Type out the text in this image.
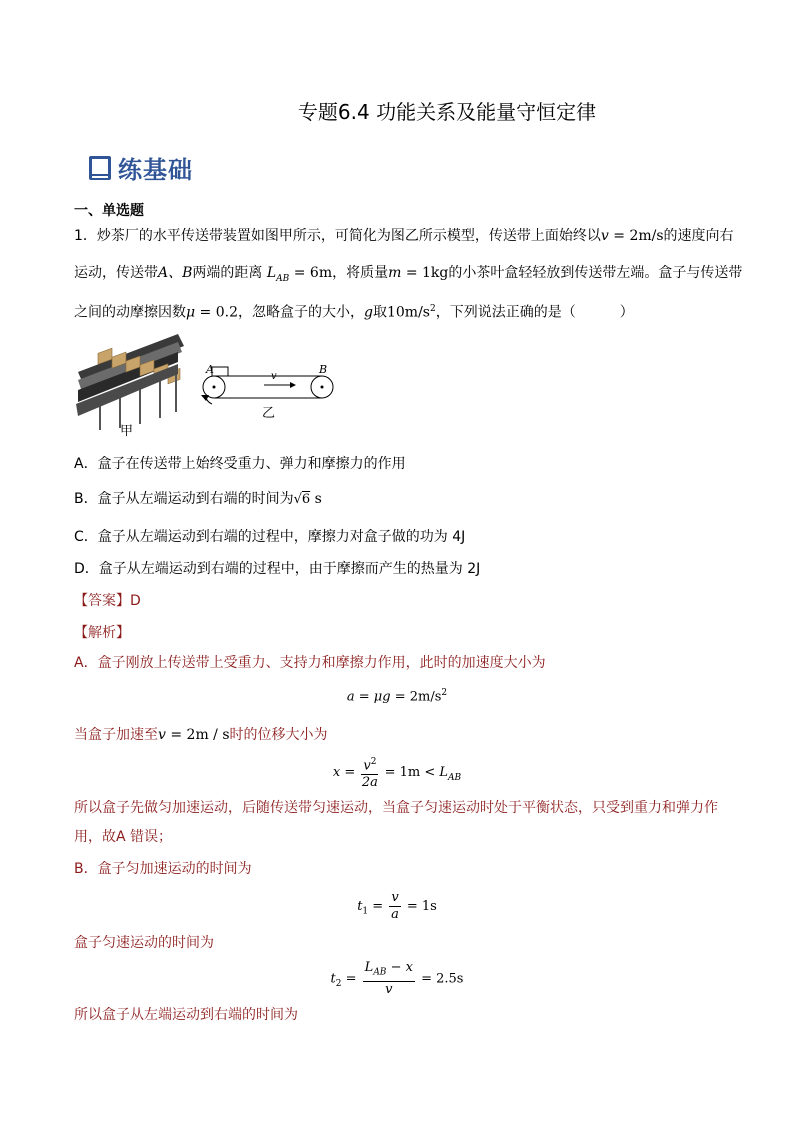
专题6.4 功能关系及能量守恒定律
练基础
一、单选题
1．炒茶厂的水平传送带装置如图甲所示，可简化为图乙所示模型，传送带上面始终以v = 2m/s的速度向右
运动，传送带A、B两端的距离 $L_{AB} = 6m$，将质量m = 1kg的小茶叶盒轻轻放到传送带左端。盒子与传送带
之间的动摩擦因数μ = 0.2，忽略盒子的大小，g取$10m/s^2$，下列说法正确的是（	）
甲
A	B
v
乙
A．盒子在传送带上始终受重力、弹力和摩擦力的作用
B．盒子从左端运动到右端的时间为√6 s
C．盒子从左端运动到右端的过程中，摩擦力对盒子做的功为 4J
D．盒子从左端运动到右端的过程中，由于摩擦而产生的热量为 2J
【答案】D
【解析】
A．盒子刚放上传送带上受重力、支持力和摩擦力作用，此时的加速度大小为
$a = \mu g = 2m/s^2$
当盒子加速至v = 2m / s时的位移大小为
$x = \frac{v^2}{2a} = 1m < L_{AB}$
所以盒子先做匀加速运动，后随传送带匀速运动，当盒子匀速运动时处于平衡状态，只受到重力和弹力作
用，故A 错误；
B．盒子匀加速运动的时间为
$t_1 = \frac{v}{a} = 1s$
盒子匀速运动的时间为
$t_2 = \frac{L_{AB} - x}{v} = 2.5s$
所以盒子从左端运动到右端的时间为
